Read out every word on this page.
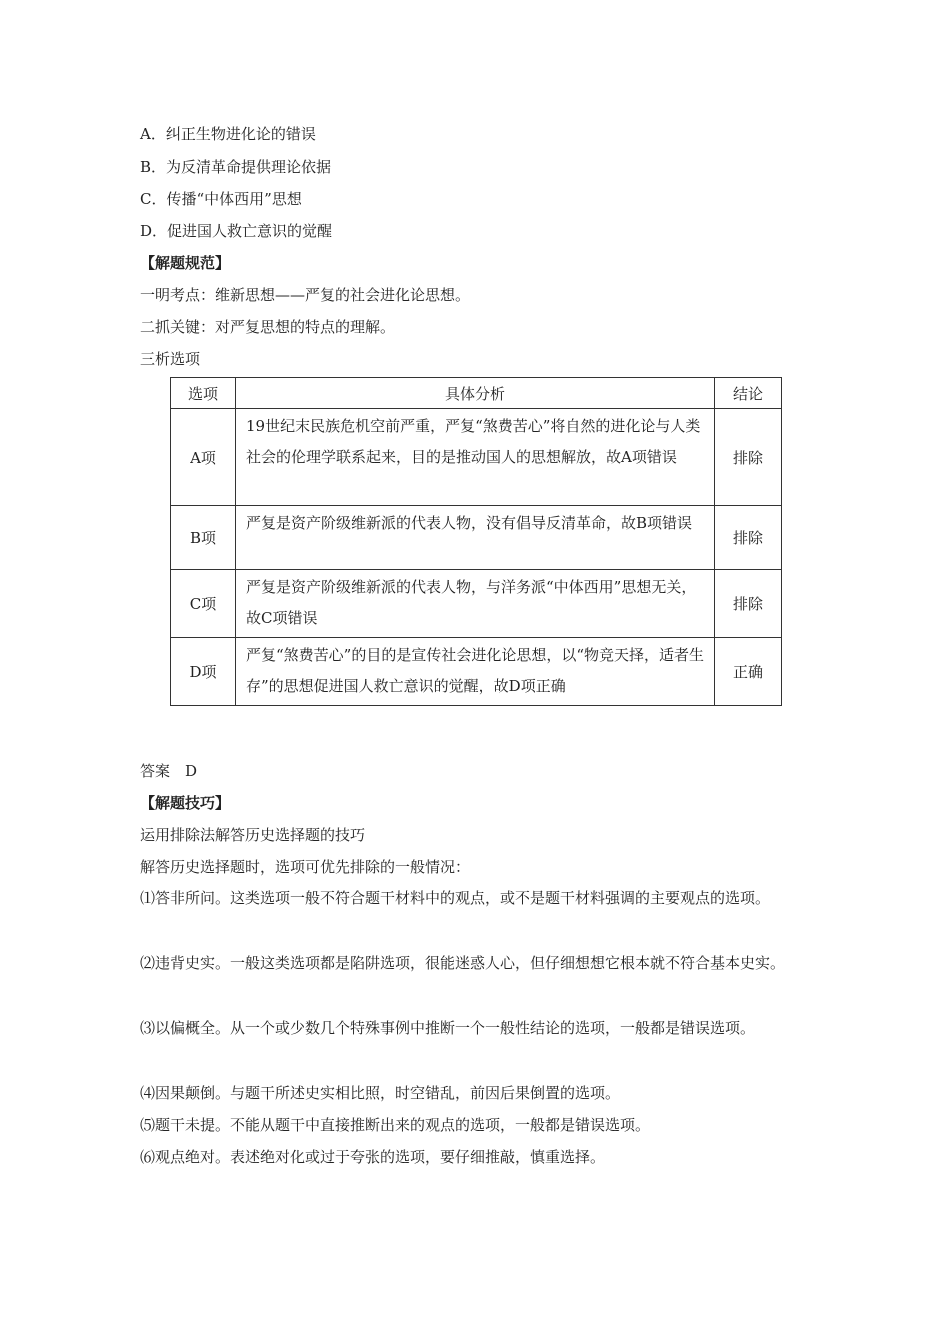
A．纠正生物进化论的错误
B．为反清革命提供理论依据
C．传播“中体西用”思想
D．促进国人救亡意识的觉醒
【解题规范】
一明考点：维新思想——严复的社会进化论思想。
二抓关键：对严复思想的特点的理解。
三析选项
选项	具体分析	结论
A项	19世纪末民族危机空前严重，严复“煞费苦心”将自然的进化论与人类社会的伦理学联系起来，目的是推动国人的思想解放，故A项错误	排除
B项	严复是资产阶级维新派的代表人物，没有倡导反清革命，故B项错误	排除
C项	严复是资产阶级维新派的代表人物，与洋务派“中体西用”思想无关，故C项错误	排除
D项	严复“煞费苦心”的目的是宣传社会进化论思想，以“物竞天择，适者生存”的思想促进国人救亡意识的觉醒，故D项正确	正确
答案　D
【解题技巧】
运用排除法解答历史选择题的技巧
解答历史选择题时，选项可优先排除的一般情况：
⑴答非所问。这类选项一般不符合题干材料中的观点，或不是题干材料强调的主要观点的选项。
⑵违背史实。一般这类选项都是陷阱选项，很能迷惑人心，但仔细想想它根本就不符合基本史实。
⑶以偏概全。从一个或少数几个特殊事例中推断一个一般性结论的选项，一般都是错误选项。
⑷因果颠倒。与题干所述史实相比照，时空错乱，前因后果倒置的选项。
⑸题干未提。不能从题干中直接推断出来的观点的选项，一般都是错误选项。
⑹观点绝对。表述绝对化或过于夸张的选项，要仔细推敲，慎重选择。
